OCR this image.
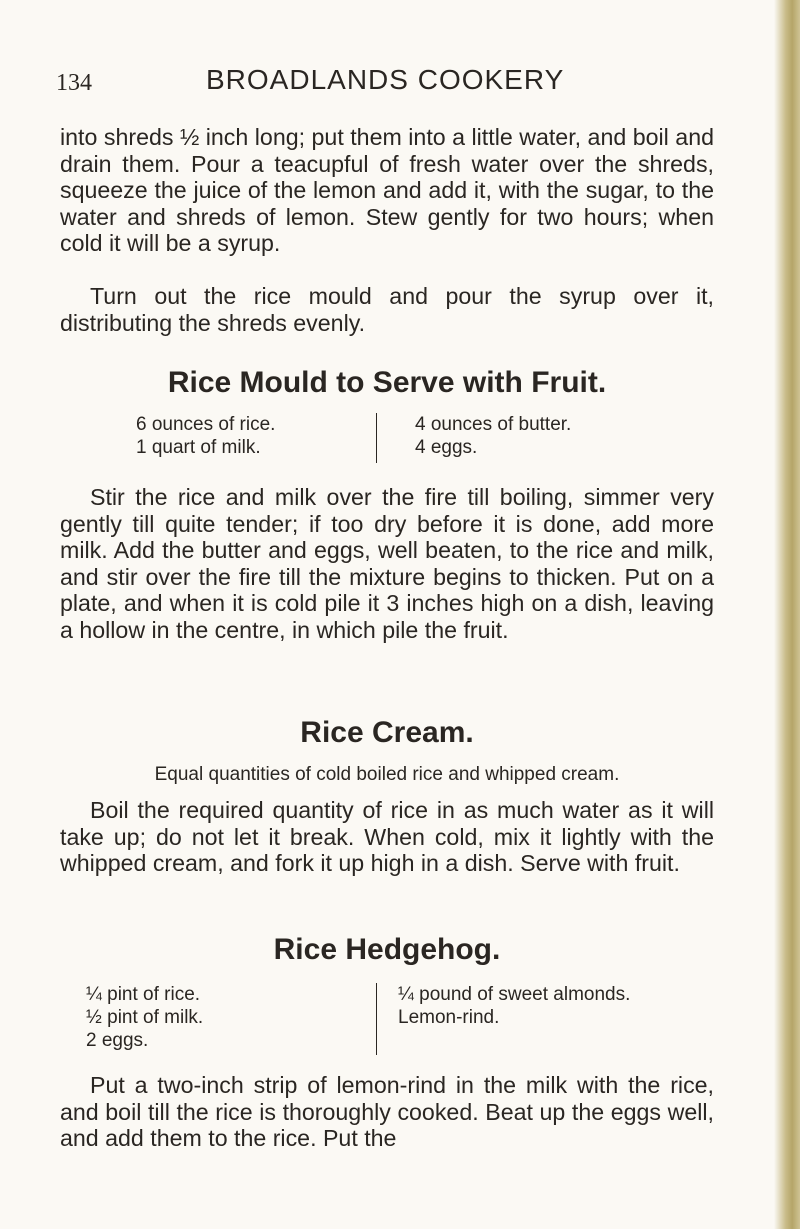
134	BROADLANDS COOKERY

into shreds ½ inch long; put them into a little water, and boil and drain them. Pour a teacupful of fresh water over the shreds, squeeze the juice of the lemon and add it, with the sugar, to the water and shreds of lemon. Stew gently for two hours; when cold it will be a syrup.

Turn out the rice mould and pour the syrup over it, distributing the shreds evenly.

Rice Mould to Serve with Fruit.
6 ounces of rice.
1 quart of milk.
4 ounces of butter.
4 eggs.

Stir the rice and milk over the fire till boiling, simmer very gently till quite tender; if too dry before it is done, add more milk. Add the butter and eggs, well beaten, to the rice and milk, and stir over the fire till the mixture begins to thicken. Put on a plate, and when it is cold pile it 3 inches high on a dish, leaving a hollow in the centre, in which pile the fruit.

Rice Cream.
Equal quantities of cold boiled rice and whipped cream.

Boil the required quantity of rice in as much water as it will take up; do not let it break. When cold, mix it lightly with the whipped cream, and fork it up high in a dish. Serve with fruit.

Rice Hedgehog.
¼ pint of rice.
½ pint of milk.
2 eggs.
¼ pound of sweet almonds.
Lemon-rind.

Put a two-inch strip of lemon-rind in the milk with the rice, and boil till the rice is thoroughly cooked. Beat up the eggs well, and add them to the rice. Put the
